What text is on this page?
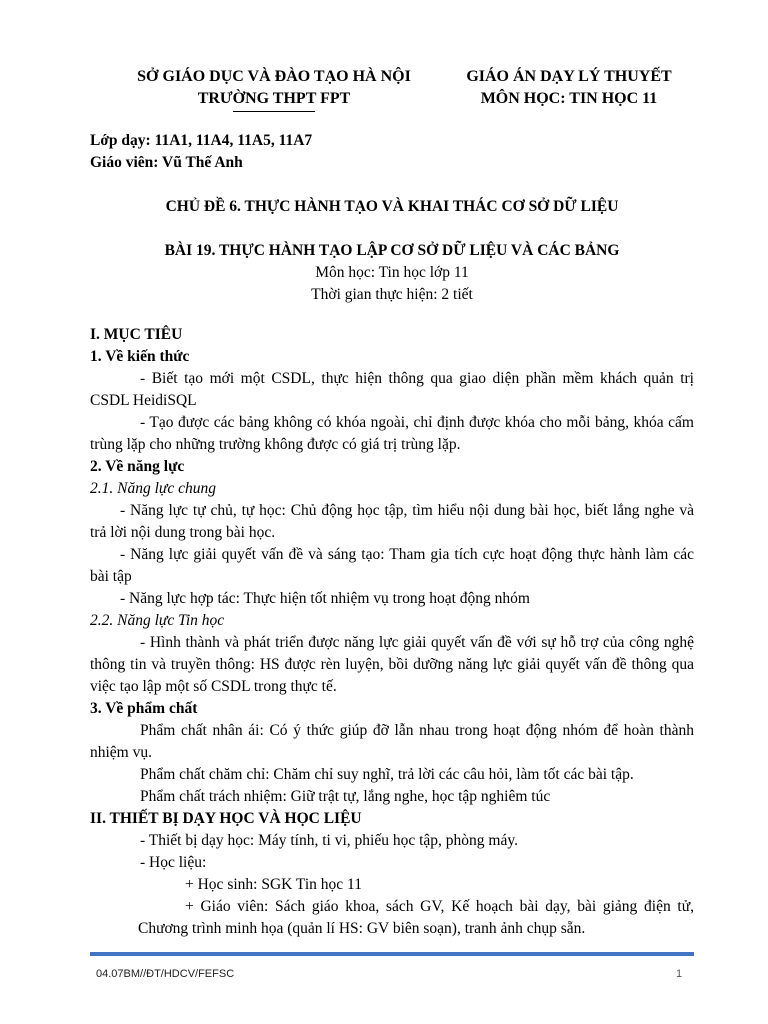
SỞ GIÁO DỤC VÀ ĐÀO TẠO HÀ NỘI
TRƯỜNG THPT FPT
GIÁO ÁN DẠY LÝ THUYẾT
MÔN HỌC: TIN HỌC 11
Lớp dạy: 11A1, 11A4, 11A5, 11A7
Giáo viên: Vũ Thế Anh
CHỦ ĐỀ 6. THỰC HÀNH TẠO VÀ KHAI THÁC CƠ SỞ DỮ LIỆU
BÀI 19. THỰC HÀNH TẠO LẬP CƠ SỞ DỮ LIỆU VÀ CÁC BẢNG
Môn học: Tin học lớp 11
Thời gian thực hiện: 2 tiết
I. MỤC TIÊU
1. Về kiến thức
- Biết tạo mới một CSDL, thực hiện thông qua giao diện phần mềm khách quản trị CSDL HeidiSQL
- Tạo được các bảng không có khóa ngoài, chỉ định được khóa cho mỗi bảng, khóa cấm trùng lặp cho những trường không được có giá trị trùng lặp.
2. Về năng lực
2.1. Năng lực chung
- Năng lực tự chủ, tự học: Chủ động học tập, tìm hiểu nội dung bài học, biết lắng nghe và trả lời nội dung trong bài học.
- Năng lực giải quyết vấn đề và sáng tạo: Tham gia tích cực hoạt động thực hành làm các bài tập
- Năng lực hợp tác: Thực hiện tốt nhiệm vụ trong hoạt động nhóm
2.2. Năng lực Tin học
- Hình thành và phát triển được năng lực giải quyết vấn đề với sự hỗ trợ của công nghệ thông tin và truyền thông: HS được rèn luyện, bồi dưỡng năng lực giải quyết vấn đề thông qua việc tạo lập một số CSDL trong thực tế.
3. Về phẩm chất
Phẩm chất nhân ái: Có ý thức giúp đỡ lẫn nhau trong hoạt động nhóm để hoàn thành nhiệm vụ.
Phẩm chất chăm chỉ: Chăm chỉ suy nghĩ, trả lời các câu hỏi, làm tốt các bài tập.
Phẩm chất trách nhiệm: Giữ trật tự, lắng nghe, học tập nghiêm túc
II. THIẾT BỊ DẠY HỌC VÀ HỌC LIỆU
- Thiết bị dạy học: Máy tính, ti vi, phiếu học tập, phòng máy.
- Học liệu:
+ Học sinh: SGK Tin học 11
+ Giáo viên: Sách giáo khoa, sách GV, Kế hoạch bài dạy, bài giảng điện tử, Chương trình minh họa (quản lí HS: GV biên soạn), tranh ảnh chụp sẵn.
04.07BM//ĐT/HDCV/FEFSC	1
